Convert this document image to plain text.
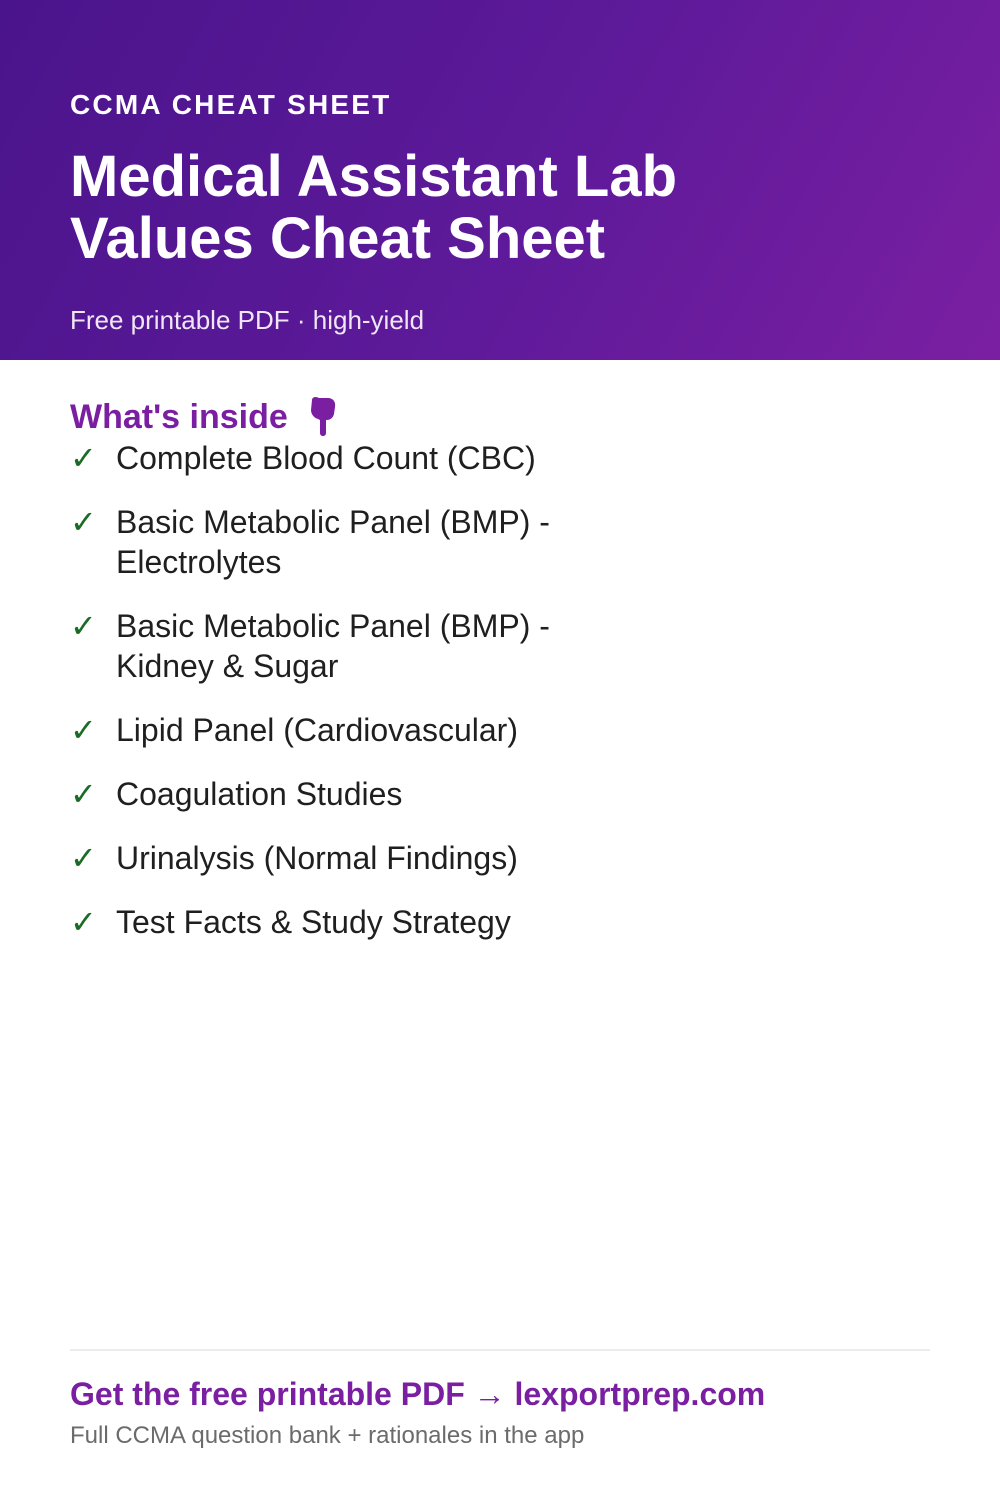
CCMA CHEAT SHEET
Medical Assistant Lab
Values Cheat Sheet
Free printable PDF · high-yield
What's inside
✓ Complete Blood Count (CBC)
✓ Basic Metabolic Panel (BMP) - Electrolytes
✓ Basic Metabolic Panel (BMP) - Kidney & Sugar
✓ Lipid Panel (Cardiovascular)
✓ Coagulation Studies
✓ Urinalysis (Normal Findings)
✓ Test Facts & Study Strategy
Get the free printable PDF → lexportprep.com
Full CCMA question bank + rationales in the app
